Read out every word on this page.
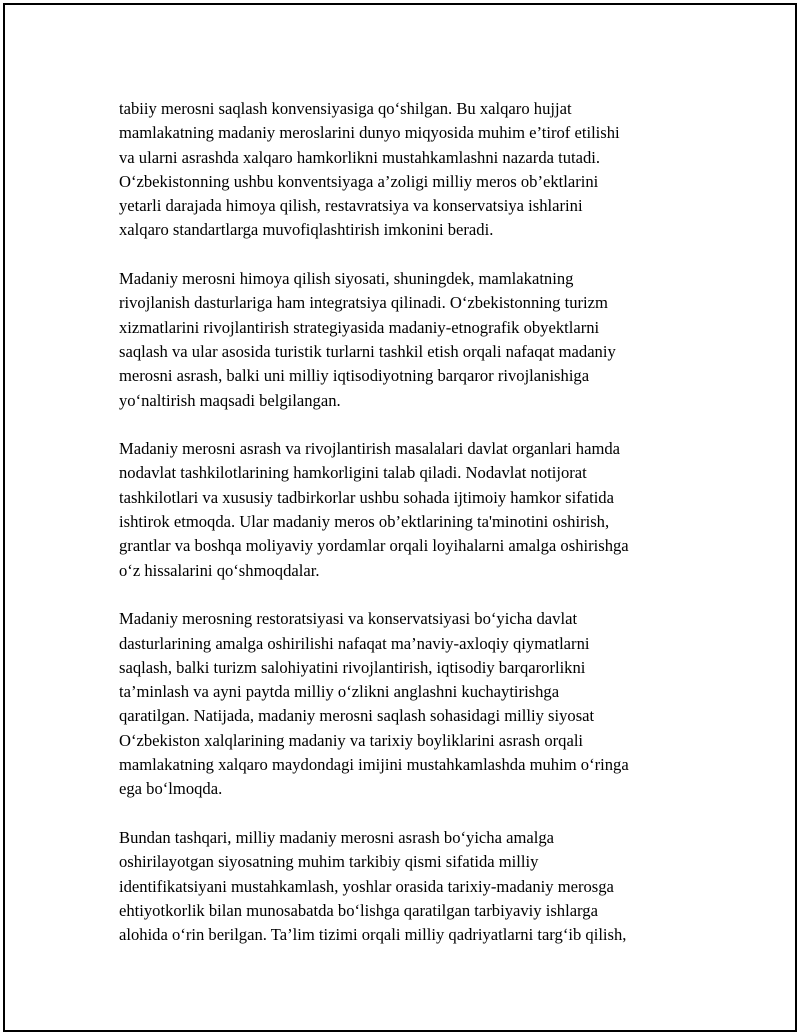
tabiiy merosni saqlash konvensiyasiga qo‘shilgan. Bu xalqaro hujjat
mamlakatning madaniy meroslarini dunyo miqyosida muhim e’tirof etilishi
va ularni asrashda xalqaro hamkorlikni mustahkamlashni nazarda tutadi.
O‘zbekistonning ushbu konventsiyaga a’zoligi milliy meros ob’ektlarini
yetarli darajada himoya qilish, restavratsiya va konservatsiya ishlarini
xalqaro standartlarga muvofiqlashtirish imkonini beradi.

Madaniy merosni himoya qilish siyosati, shuningdek, mamlakatning
rivojlanish dasturlariga ham integratsiya qilinadi. O‘zbekistonning turizm
xizmatlarini rivojlantirish strategiyasida madaniy-etnografik obyektlarni
saqlash va ular asosida turistik turlarni tashkil etish orqali nafaqat madaniy
merosni asrash, balki uni milliy iqtisodiyotning barqaror rivojlanishiga
yo‘naltirish maqsadi belgilangan.

Madaniy merosni asrash va rivojlantirish masalalari davlat organlari hamda
nodavlat tashkilotlarining hamkorligini talab qiladi. Nodavlat notijorat
tashkilotlari va xususiy tadbirkorlar ushbu sohada ijtimoiy hamkor sifatida
ishtirok etmoqda. Ular madaniy meros ob’ektlarining ta'minotini oshirish,
grantlar va boshqa moliyaviy yordamlar orqali loyihalarni amalga oshirishga
o‘z hissalarini qo‘shmoqdalar.

Madaniy merosning restoratsiyasi va konservatsiyasi bo‘yicha davlat
dasturlarining amalga oshirilishi nafaqat ma’naviy-axloqiy qiymatlarni
saqlash, balki turizm salohiyatini rivojlantirish, iqtisodiy barqarorlikni
ta’minlash va ayni paytda milliy o‘zlikni anglashni kuchaytirishga
qaratilgan. Natijada, madaniy merosni saqlash sohasidagi milliy siyosat
O‘zbekiston xalqlarining madaniy va tarixiy boyliklarini asrash orqali
mamlakatning xalqaro maydondagi imijini mustahkamlashda muhim o‘ringa
ega bo‘lmoqda.

Bundan tashqari, milliy madaniy merosni asrash bo‘yicha amalga
oshirilayotgan siyosatning muhim tarkibiy qismi sifatida milliy
identifikatsiyani mustahkamlash, yoshlar orasida tarixiy-madaniy merosga
ehtiyotkorlik bilan munosabatda bo‘lishga qaratilgan tarbiyaviy ishlarga
alohida o‘rin berilgan. Ta’lim tizimi orqali milliy qadriyatlarni targ‘ib qilish,
